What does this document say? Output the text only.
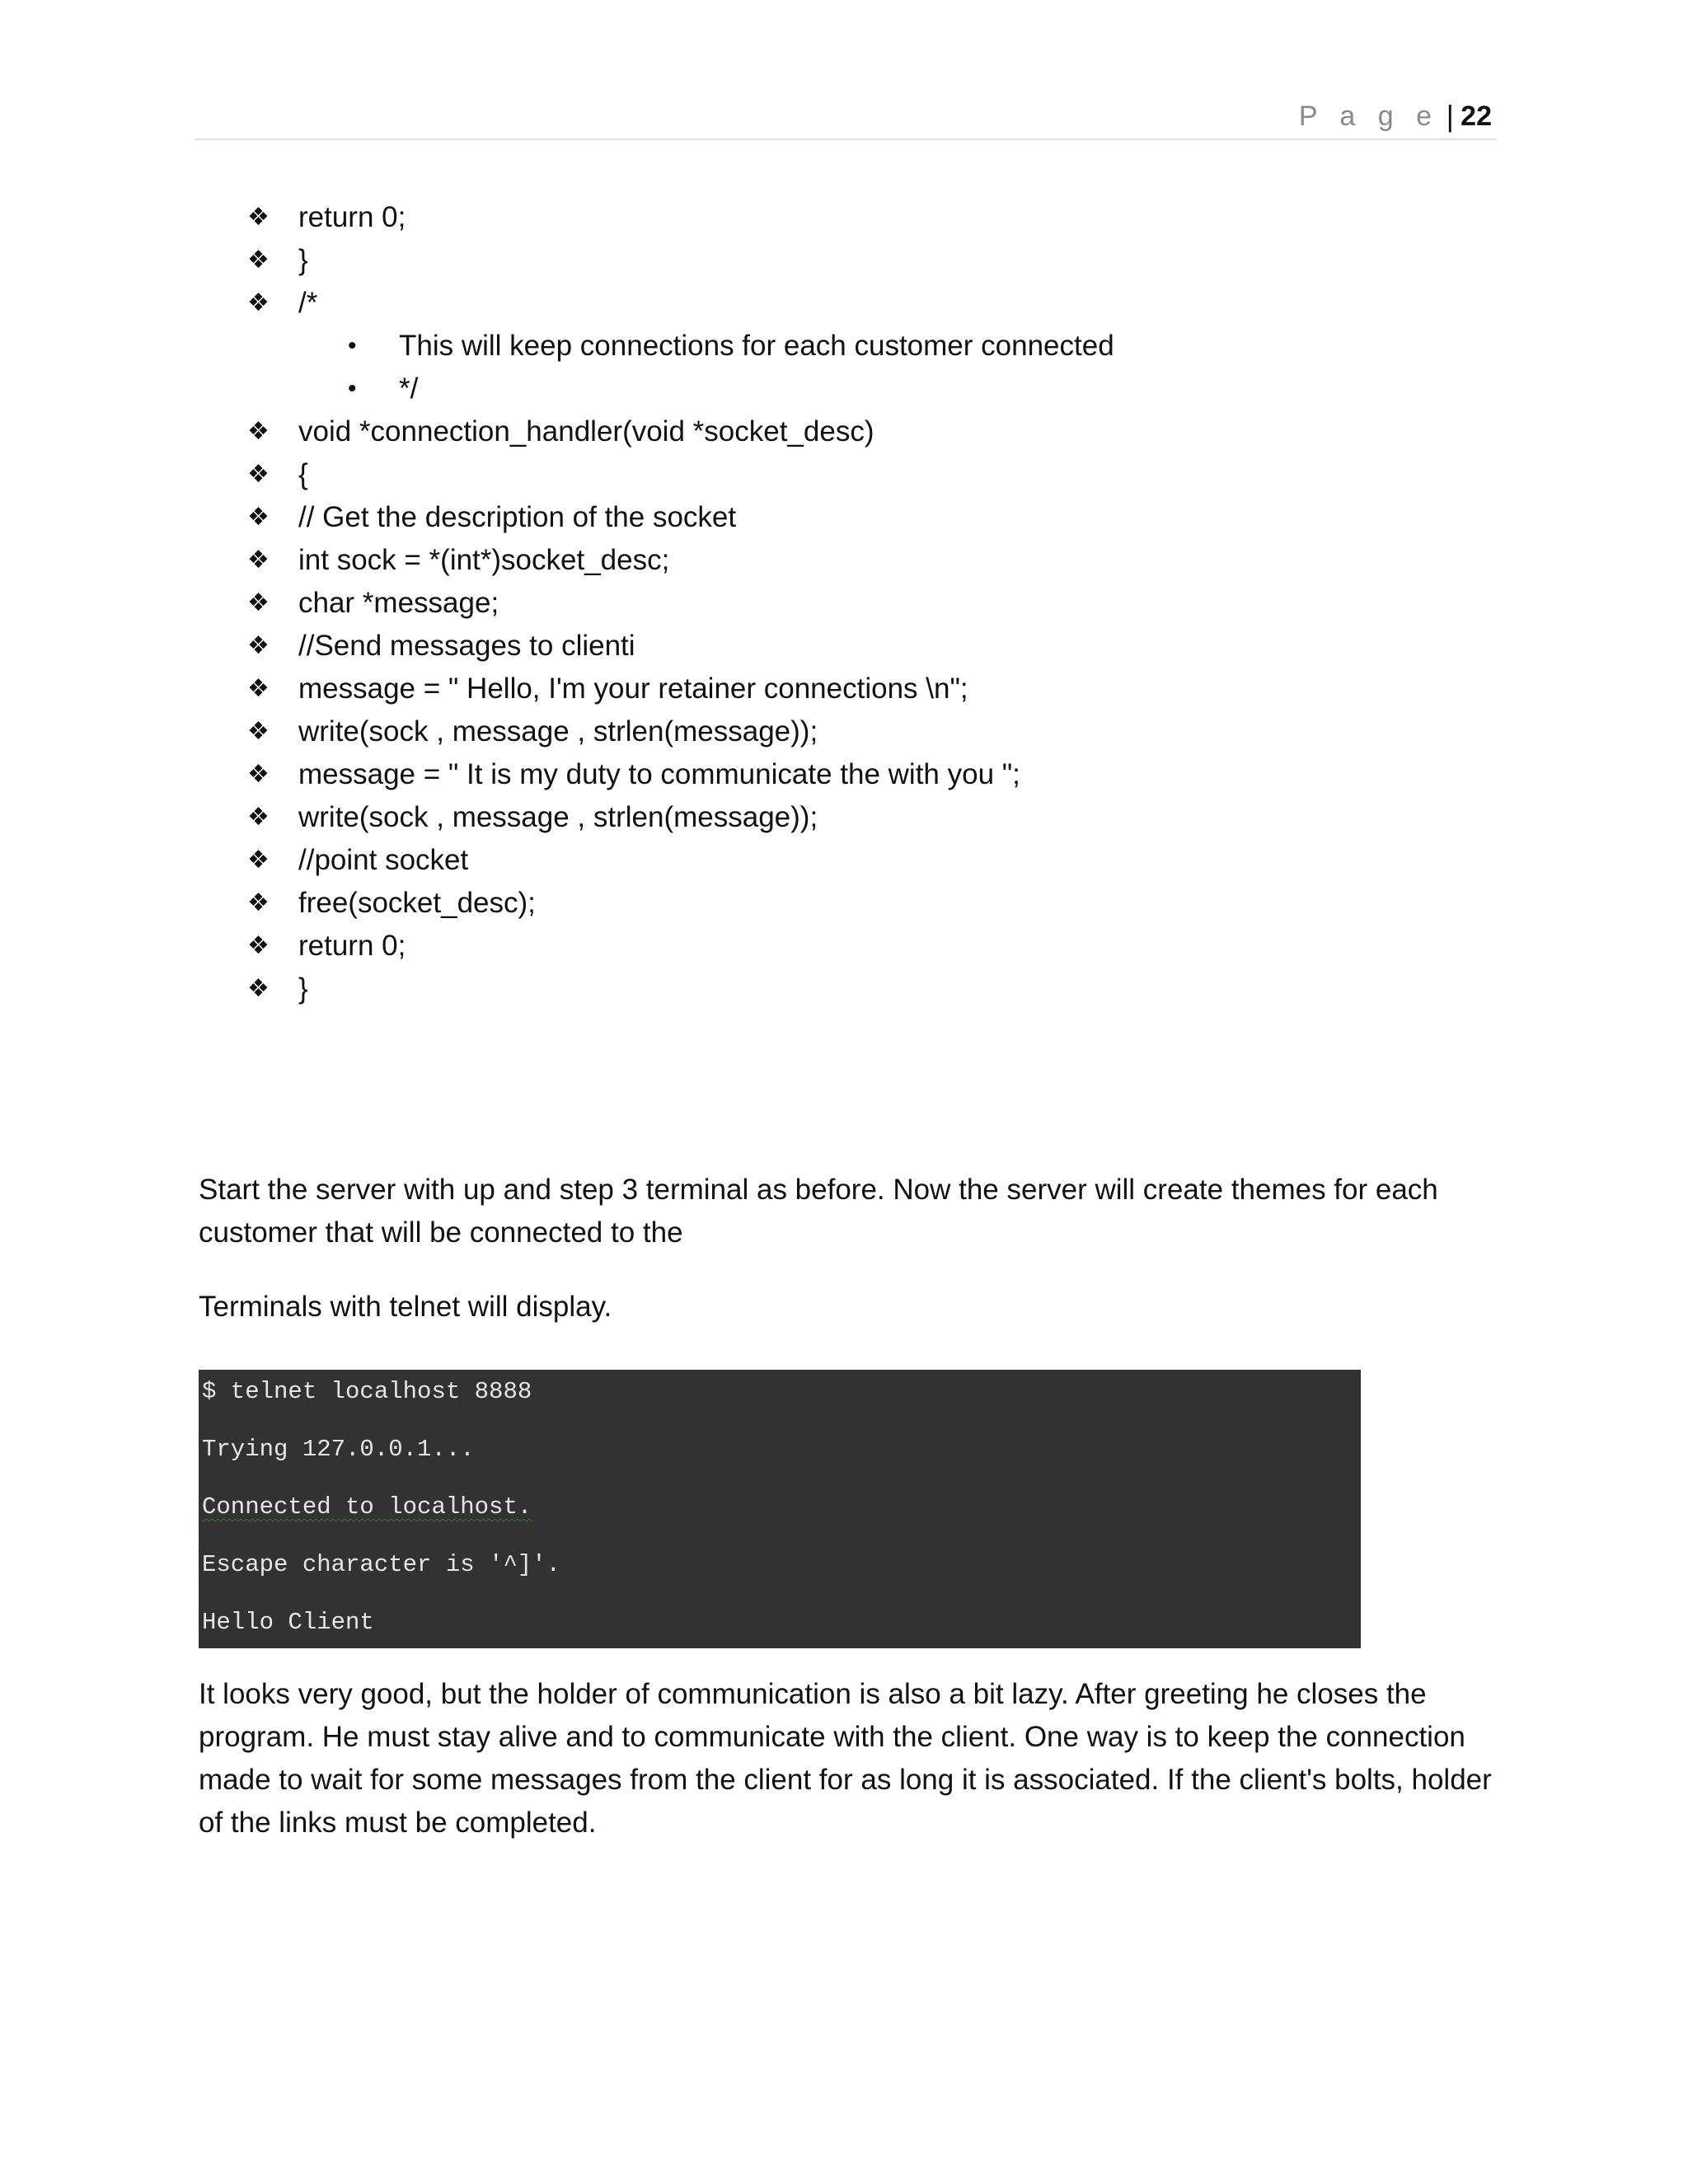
P a g e | 22
❖ return 0;
❖ }
❖ /*
• This will keep connections for each customer connected
• */
❖ void *connection_handler(void *socket_desc)
❖ {
❖ // Get the description of the socket
❖ int sock = *(int*)socket_desc;
❖ char *message;
❖ //Send messages to clienti
❖ message = " Hello, I'm your retainer connections \n";
❖ write(sock , message , strlen(message));
❖ message = " It is my duty to communicate the with you ";
❖ write(sock , message , strlen(message));
❖ //point socket
❖ free(socket_desc);
❖ return 0;
❖ }

Start the server with up and step 3 terminal as before. Now the server will create themes for each customer that will be connected to the

Terminals with telnet will display.

$ telnet localhost 8888
Trying 127.0.0.1...
Connected to localhost.
Escape character is '^]'.
Hello Client

It looks very good, but the holder of communication is also a bit lazy. After greeting he closes the program. He must stay alive and to communicate with the client. One way is to keep the connection made to wait for some messages from the client for as long it is associated. If the client's bolts, holder of the links must be completed.
